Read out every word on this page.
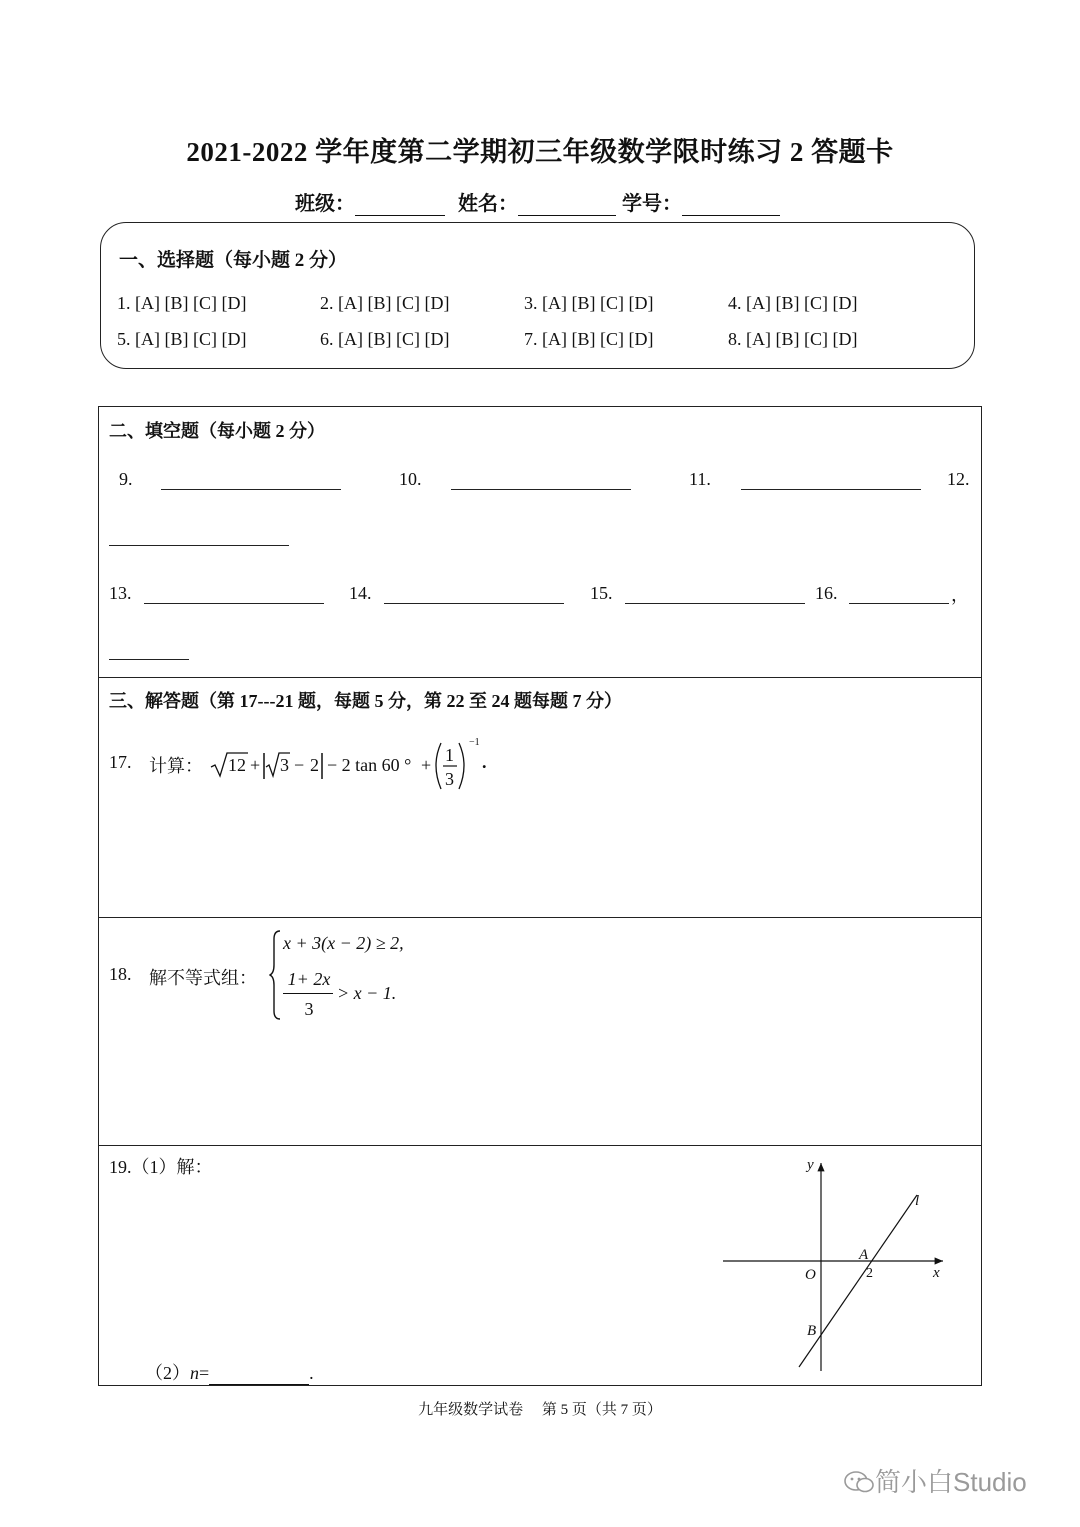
2021-2022 学年度第二学期初三年级数学限时练习 2 答题卡
班级：	姓名：	学号：
一、选择题（每小题 2 分）
1. [A] [B] [C] [D]	2. [A] [B] [C] [D]	3. [A] [B] [C] [D]	4. [A] [B] [C] [D]
5. [A] [B] [C] [D]	6. [A] [B] [C] [D]	7. [A] [B] [C] [D]	8. [A] [B] [C] [D]
二、填空题（每小题 2 分）
9.	10.	11.	12.
13.	14.	15.	16.	，
三、解答题（第 17---21 题，每题 5 分，第 22 至 24 题每题 7 分）
17. 计算： 12 + 3 − 2 − 2 tan 60 ° + 1
3
−1
.
18. 解不等式组：
x + 3(x − 2) ≥ 2,
1+ 2x
3
> x − 1.
19.（1）解：
（2）n=	.
y
x
O
A
B
l
2
九年级数学试卷　 第 5 页（共 7 页）
简小白Studio
